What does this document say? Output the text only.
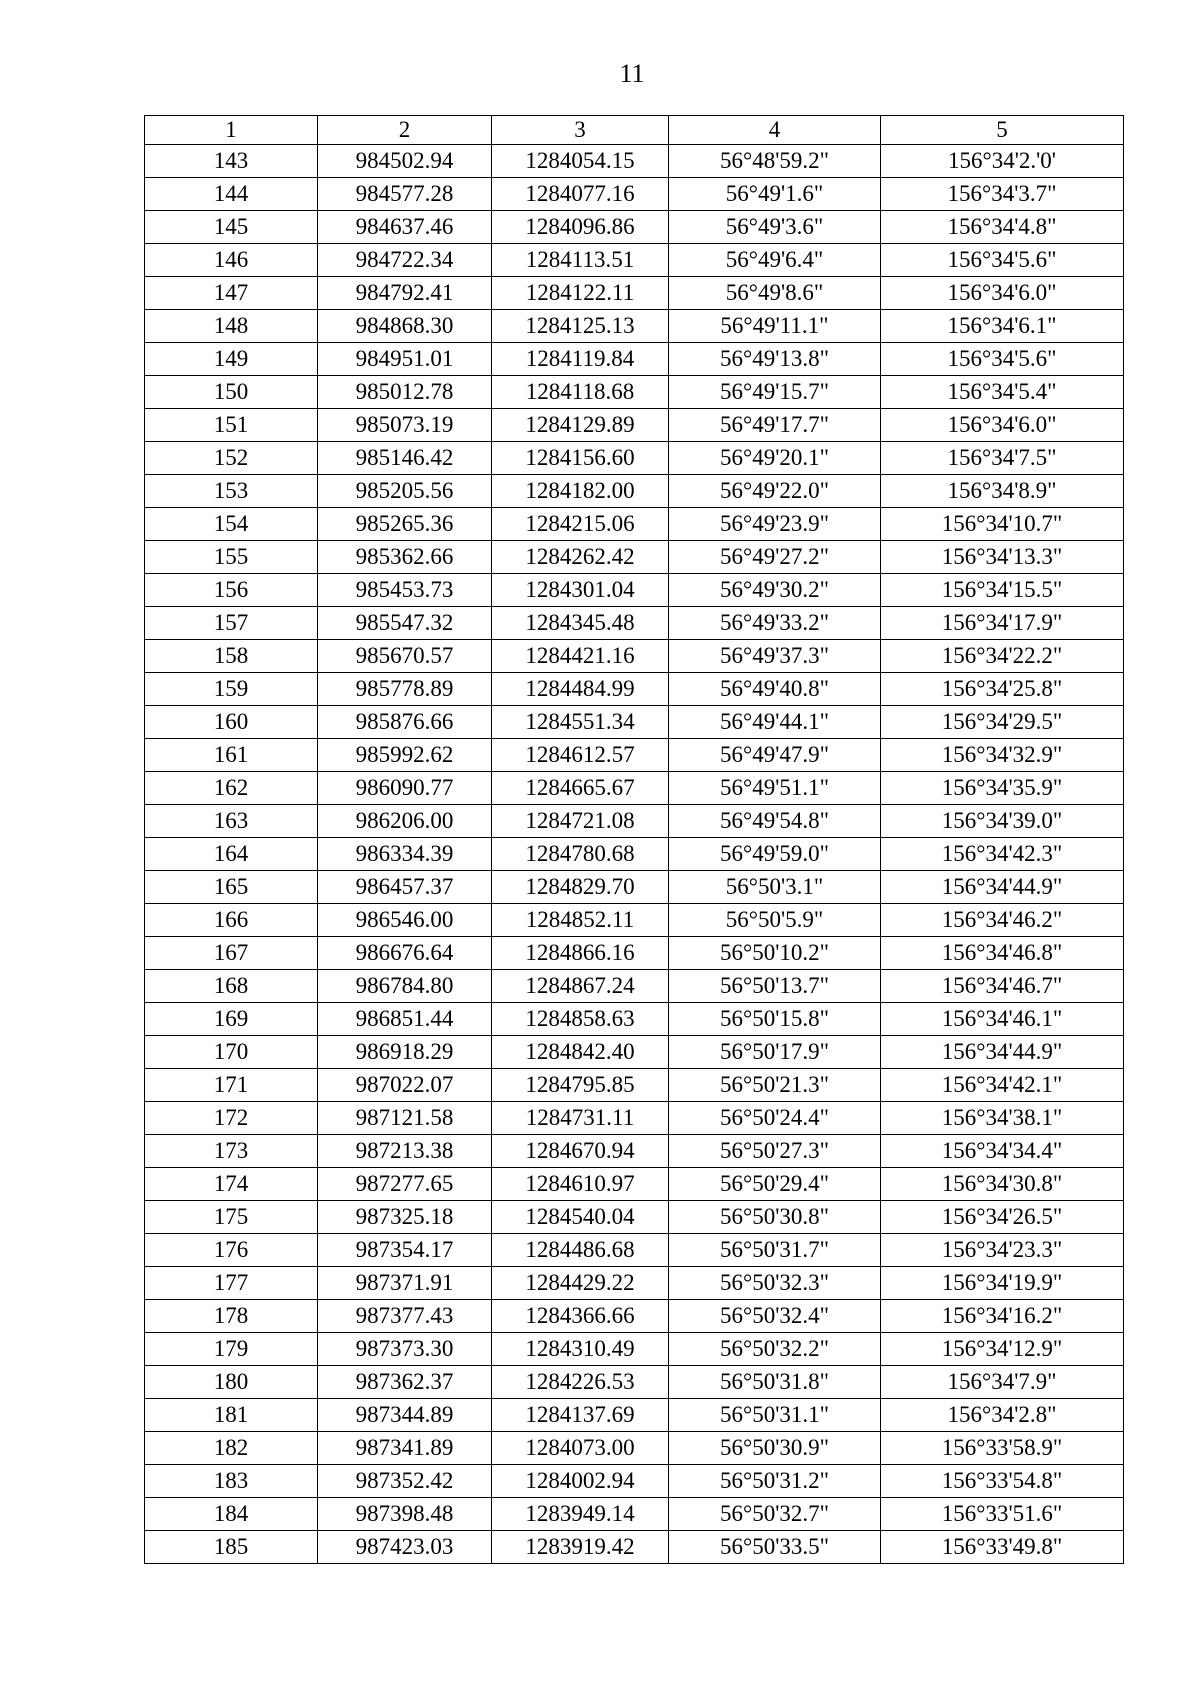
11
1	2	3	4	5
143	984502.94	1284054.15	56°48'59.2"	156°34'2.'0'
144	984577.28	1284077.16	56°49'1.6"	156°34'3.7"
145	984637.46	1284096.86	56°49'3.6"	156°34'4.8"
146	984722.34	1284113.51	56°49'6.4"	156°34'5.6"
147	984792.41	1284122.11	56°49'8.6"	156°34'6.0"
148	984868.30	1284125.13	56°49'11.1"	156°34'6.1"
149	984951.01	1284119.84	56°49'13.8"	156°34'5.6"
150	985012.78	1284118.68	56°49'15.7"	156°34'5.4"
151	985073.19	1284129.89	56°49'17.7"	156°34'6.0"
152	985146.42	1284156.60	56°49'20.1"	156°34'7.5"
153	985205.56	1284182.00	56°49'22.0"	156°34'8.9"
154	985265.36	1284215.06	56°49'23.9"	156°34'10.7"
155	985362.66	1284262.42	56°49'27.2"	156°34'13.3"
156	985453.73	1284301.04	56°49'30.2"	156°34'15.5"
157	985547.32	1284345.48	56°49'33.2"	156°34'17.9"
158	985670.57	1284421.16	56°49'37.3"	156°34'22.2"
159	985778.89	1284484.99	56°49'40.8"	156°34'25.8"
160	985876.66	1284551.34	56°49'44.1"	156°34'29.5"
161	985992.62	1284612.57	56°49'47.9"	156°34'32.9"
162	986090.77	1284665.67	56°49'51.1"	156°34'35.9"
163	986206.00	1284721.08	56°49'54.8"	156°34'39.0"
164	986334.39	1284780.68	56°49'59.0"	156°34'42.3"
165	986457.37	1284829.70	56°50'3.1"	156°34'44.9"
166	986546.00	1284852.11	56°50'5.9"	156°34'46.2"
167	986676.64	1284866.16	56°50'10.2"	156°34'46.8"
168	986784.80	1284867.24	56°50'13.7"	156°34'46.7"
169	986851.44	1284858.63	56°50'15.8"	156°34'46.1"
170	986918.29	1284842.40	56°50'17.9"	156°34'44.9"
171	987022.07	1284795.85	56°50'21.3"	156°34'42.1"
172	987121.58	1284731.11	56°50'24.4"	156°34'38.1"
173	987213.38	1284670.94	56°50'27.3"	156°34'34.4"
174	987277.65	1284610.97	56°50'29.4"	156°34'30.8"
175	987325.18	1284540.04	56°50'30.8"	156°34'26.5"
176	987354.17	1284486.68	56°50'31.7"	156°34'23.3"
177	987371.91	1284429.22	56°50'32.3"	156°34'19.9"
178	987377.43	1284366.66	56°50'32.4"	156°34'16.2"
179	987373.30	1284310.49	56°50'32.2"	156°34'12.9"
180	987362.37	1284226.53	56°50'31.8"	156°34'7.9"
181	987344.89	1284137.69	56°50'31.1"	156°34'2.8"
182	987341.89	1284073.00	56°50'30.9"	156°33'58.9"
183	987352.42	1284002.94	56°50'31.2"	156°33'54.8"
184	987398.48	1283949.14	56°50'32.7"	156°33'51.6"
185	987423.03	1283919.42	56°50'33.5"	156°33'49.8"
